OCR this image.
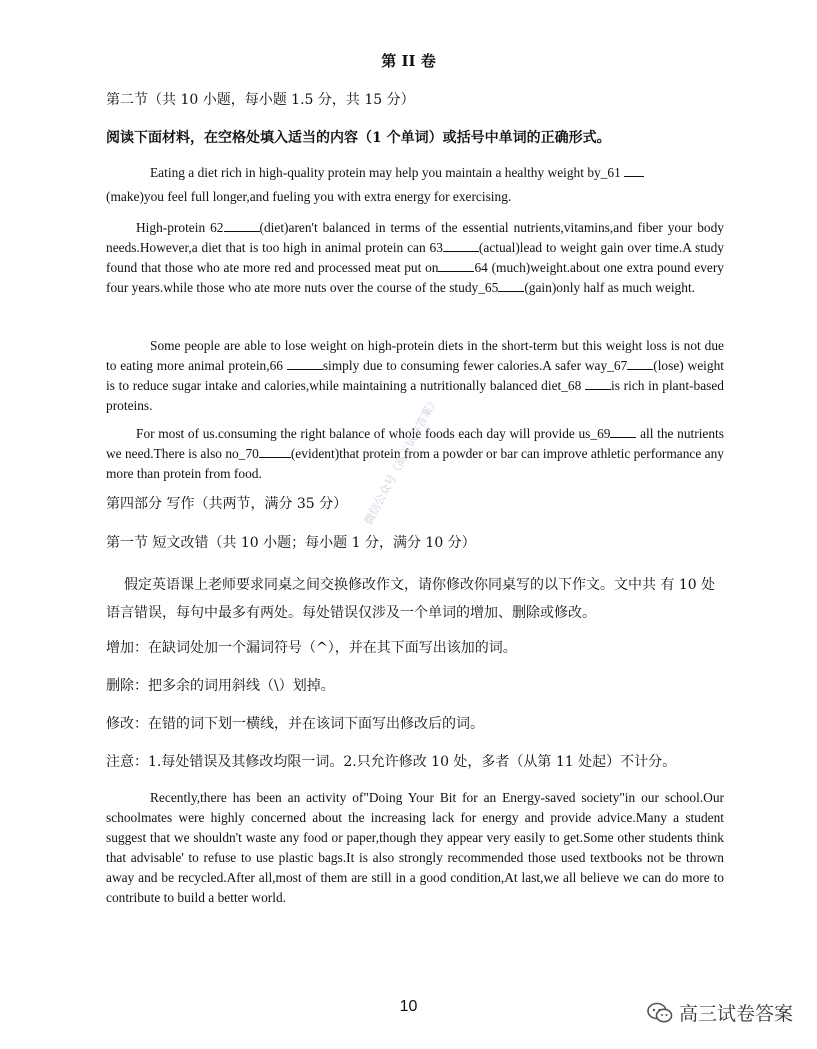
第 II 卷

第二节（共 10 小题，每小题 1.5 分，共 15 分）

阅读下面材料，在空格处填入适当的内容（1 个单词）或括号中单词的正确形式。

Eating a diet rich in high-quality protein may help you maintain a healthy weight by_61
(make)you feel full longer,and fueling you with extra energy for exercising.

High-protein 62	(diet)aren't balanced in terms of the essential nutrients,vitamins,and fiber your body needs.However,a diet that is too high in animal protein can 63	(actual)lead to weight gain over time.A study found that those who ate more red and processed meat put on	64 (much)weight.about one extra pound every four years.while those who ate more nuts over the course of the study_65 (gain)only half as much weight.

Some people are able to lose weight on high-protein diets in the short-term but this weight loss is not due to eating more animal protein,66	simply due to consuming fewer calories.A safer way_67 (lose) weight is to reduce sugar intake and calories,while maintaining a nutritionally balanced diet_68 is rich in plant-based proteins.

For most of us.consuming the right balance of whole foods each day will provide us_69 all the nutrients we need.There is also no_70 (evident)that protein from a powder or bar can improve athletic performance any more than protein from food.

第四部分 写作（共两节，满分 35 分）

第一节 短文改错（共 10 小题；每小题 1 分，满分 10 分）

假定英语课上老师要求同桌之间交换修改作文，请你修改你同桌写的以下作文。文中共 有 10 处语言错误，每句中最多有两处。每处错误仅涉及一个单词的增加、删除或修改。

增加：在缺词处加一个漏词符号（^），并在其下面写出该加的词。

删除：把多余的词用斜线（\）划掉。

修改：在错的词下划一横线，并在该词下面写出修改后的词。

注意：1.每处错误及其修改均限一词。2.只允许修改 10 处，多者（从第 11 处起）不计分。

Recently,there has been an activity of"Doing Your Bit for an Energy-saved society"in our school.Our schoolmates were highly concerned about the increasing lack for energy and provide advice.Many a student suggest that we shouldn't waste any food or paper,though they appear very easily to get.Some other students think that advisable' to refuse to use plastic bags.It is also strongly recommended those used textbooks not be thrown away and be recycled.After all,most of them are still in a good condition,At last,we all believe we can do more to contribute to build a better world.

微信公众号《高三试卷答案》
10	高三试卷答案
